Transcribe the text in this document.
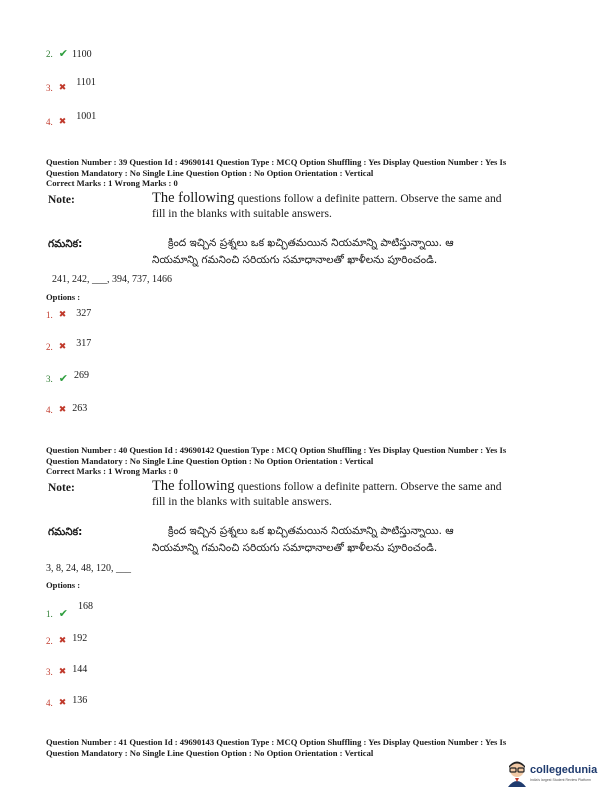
2. ✔ 1100
3. ✖ $^{1101}$
4. ✖ $^{1001}$
Question Number : 39 Question Id : 49690141 Question Type : MCQ Option Shuffling : Yes Display Question Number : Yes Is
Question Mandatory : No Single Line Question Option : No Option Orientation : Vertical
Correct Marks : 1 Wrong Marks : 0
Note:	The following questions follow a definite pattern. Observe the same and
fill in the blanks with suitable answers.
గమనిక:	క్రింద ఇచ్చిన ప్రశ్నలు ఒక ఖచ్చితమయిన నియమాన్ని పాటిస్తున్నాయి. ఆ
నియమాన్ని గమనించి సరియగు సమాధానాలతో ఖాళీలను పూరించండి.
241, 242, ___, 394, 737, 1466
Options :
1. ✖ 327
2. ✖ $^{317}$
3. ✔ $^{269}$
4. ✖ 263
Question Number : 40 Question Id : 49690142 Question Type : MCQ Option Shuffling : Yes Display Question Number : Yes Is
Question Mandatory : No Single Line Question Option : No Option Orientation : Vertical
Correct Marks : 1 Wrong Marks : 0
Note:	The following questions follow a definite pattern. Observe the same and
fill in the blanks with suitable answers.
గమనిక:	క్రింద ఇచ్చిన ప్రశ్నలు ఒక ఖచ్చితమయిన నియమాన్ని పాటిస్తున్నాయి. ఆ
నియమాన్ని గమనించి సరియగు సమాధానాలతో ఖాళీలను పూరించండి.
3, 8, 24, 48, 120, ___
Options :
$_{1.}$ ✔ 168
2. ✖ 192
3. ✖ 144
4. ✖ 136
Question Number : 41 Question Id : 49690143 Question Type : MCQ Option Shuffling : Yes Display Question Number : Yes Is
Question Mandatory : No Single Line Question Option : No Option Orientation : Vertical
collegedunia
India's largest Student Review Platform
